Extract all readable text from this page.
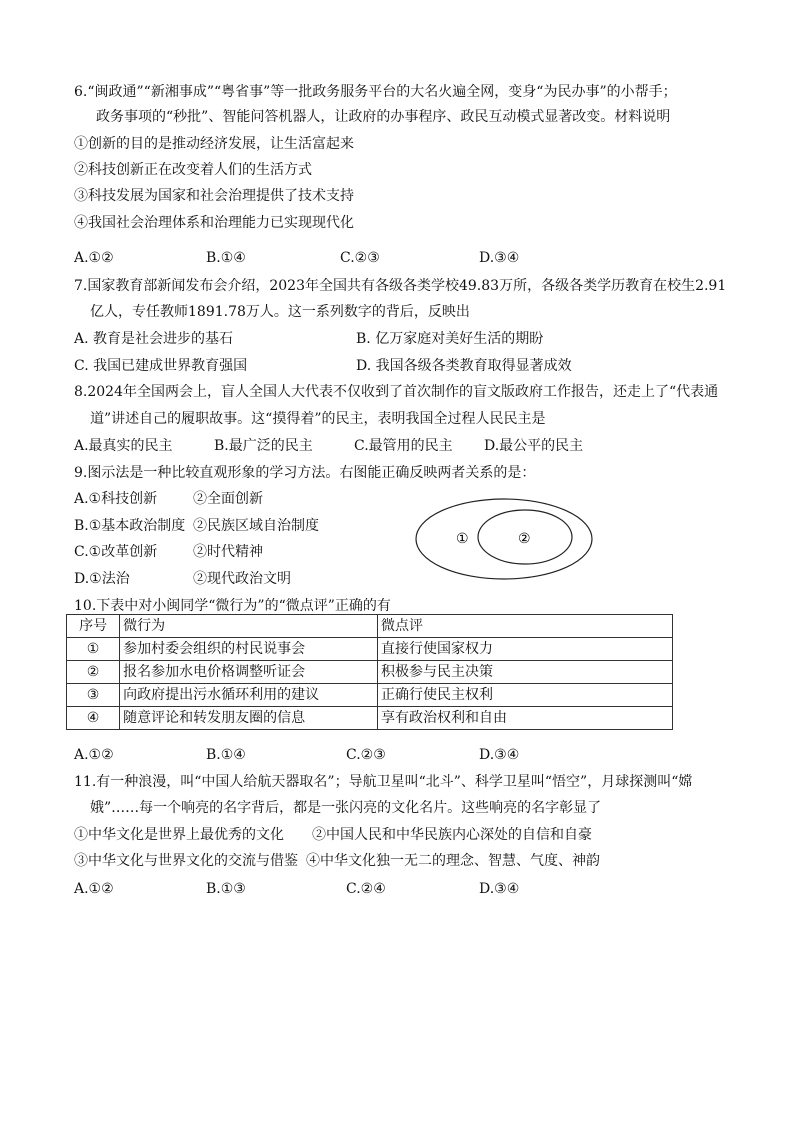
6.“闽政通”“新湘事成”“粤省事”等一批政务服务平台的大名火遍全网，变身“为民办事”的小帮手；
政务事项的“秒批”、智能问答机器人，让政府的办事程序、政民互动模式显著改变。材料说明
①创新的目的是推动经济发展，让生活富起来
②科技创新正在改变着人们的生活方式
③科技发展为国家和社会治理提供了技术支持
④我国社会治理体系和治理能力已实现现代化
A.①②	B.①④	C.②③	D.③④
7.国家教育部新闻发布会介绍，2023年全国共有各级各类学校49.83万所，各级各类学历教育在校生2.91
亿人，专任教师1891.78万人。这一系列数字的背后，反映出
A. 教育是社会进步的基石	B. 亿万家庭对美好生活的期盼
C. 我国已建成世界教育强国	D. 我国各级各类教育取得显著成效
8.2024年全国两会上，盲人全国人大代表不仅收到了首次制作的盲文版政府工作报告，还走上了“代表通
道”讲述自己的履职故事。这“摸得着”的民主，表明我国全过程人民民主是
A.最真实的民主	B.最广泛的民主	C.最管用的民主 D.最公平的民主
9.图示法是一种比较直观形象的学习方法。右图能正确反映两者关系的是：
A.①科技创新	②全面创新
B.①基本政治制度 ②民族区域自治制度
C.①改革创新	②时代精神
D.①法治	②现代政治文明
①	②
10.下表中对小闽同学“微行为”的“微点评”正确的有
序号	微行为	微点评
①	参加村委会组织的村民说事会	直接行使国家权力
②	报名参加水电价格调整听证会	积极参与民主决策
③	向政府提出污水循环利用的建议	正确行使民主权利
④	随意评论和转发朋友圈的信息	享有政治权利和自由
A.①②	B.①④	C.②③	D.③④
11.有一种浪漫，叫“中国人给航天器取名”；导航卫星叫“北斗”、科学卫星叫“悟空”，月球探测叫“嫦
娥”……每一个响亮的名字背后，都是一张闪亮的文化名片。这些响亮的名字彰显了
①中华文化是世界上最优秀的文化 ②中国人民和中华民族内心深处的自信和自豪
③中华文化与世界文化的交流与借鉴 ④中华文化独一无二的理念、智慧、气度、神韵
A.①②	B.①③	C.②④	D.③④
